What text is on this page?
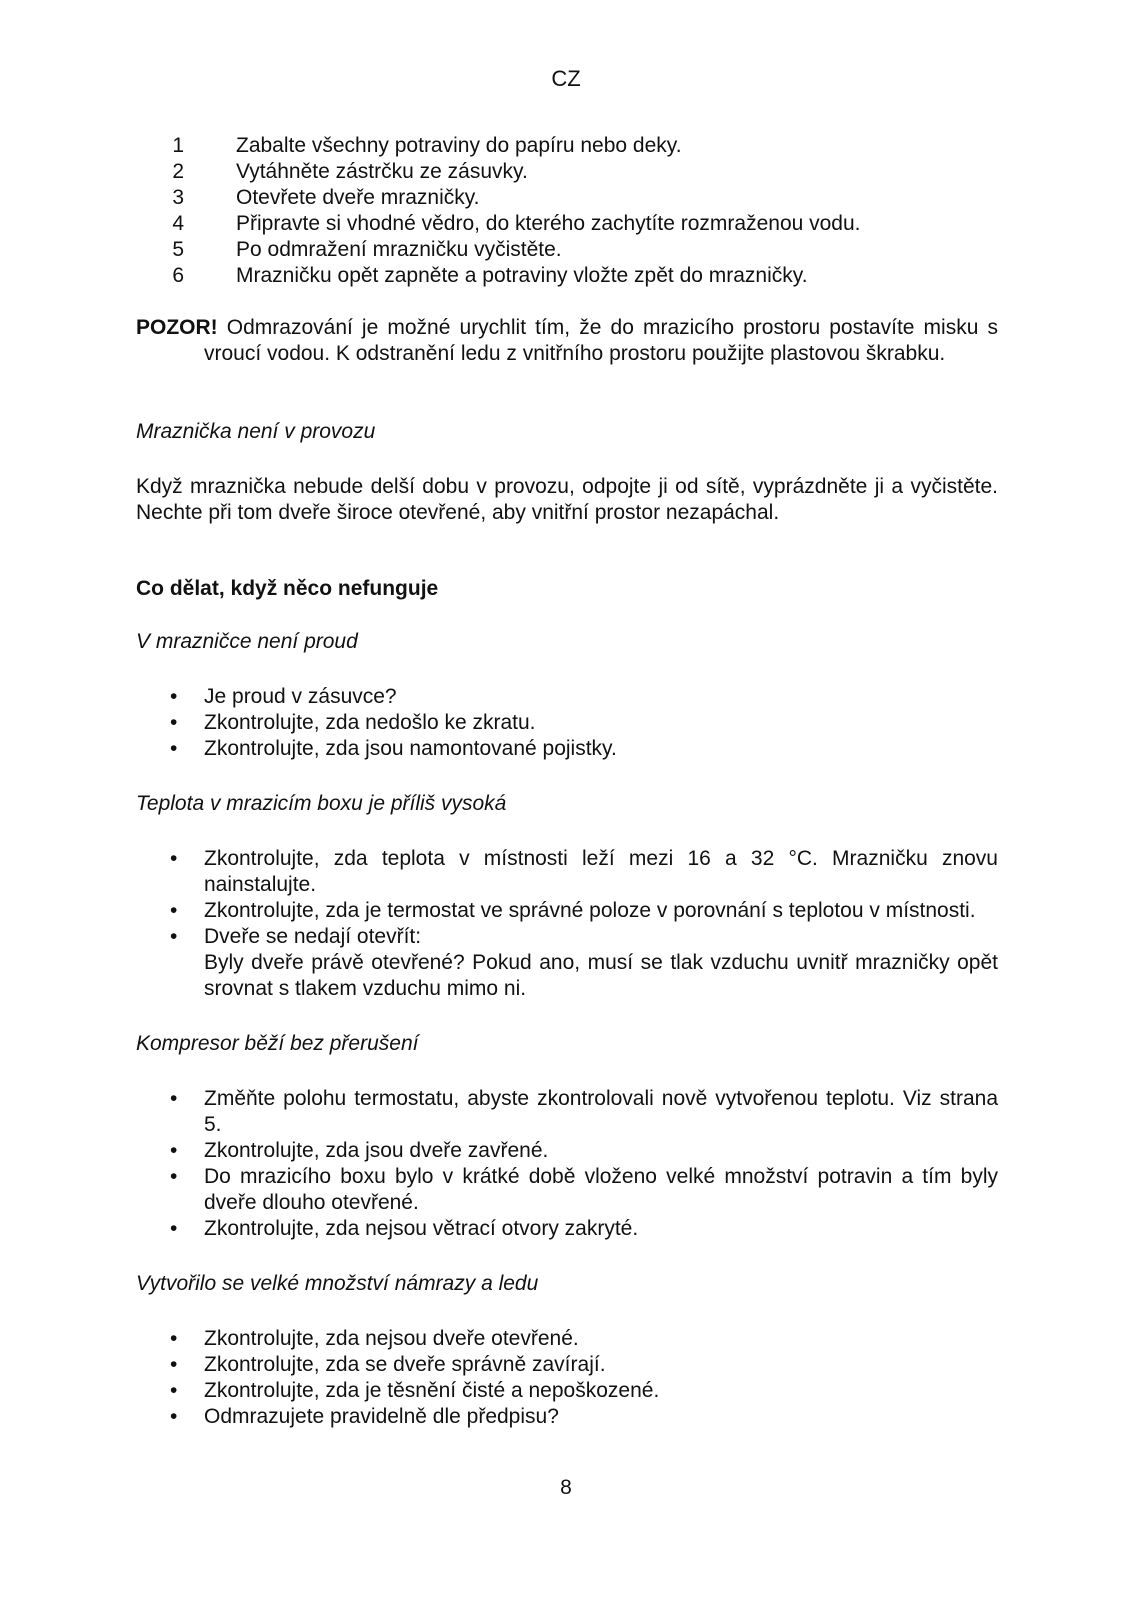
CZ
1 Zabalte všechny potraviny do papíru nebo deky.
2 Vytáhněte zástrčku ze zásuvky.
3 Otevřete dveře mrazničky.
4 Připravte si vhodné vědro, do kterého zachytíte rozmraženou vodu.
5 Po odmražení mrazničku vyčistěte.
6 Mrazničku opět zapněte a potraviny vložte zpět do mrazničky.
POZOR! Odmrazování je možné urychlit tím, že do mrazicího prostoru postavíte misku s vroucí vodou. K odstranění ledu z vnitřního prostoru použijte plastovou škrabku.
Mraznička není v provozu
Když mraznička nebude delší dobu v provozu, odpojte ji od sítě, vyprázdněte ji a vyčistěte. Nechte při tom dveře široce otevřené, aby vnitřní prostor nezapáchal.
Co dělat, když něco nefunguje
V mrazničce není proud
• Je proud v zásuvce?
• Zkontrolujte, zda nedošlo ke zkratu.
• Zkontrolujte, zda jsou namontované pojistky.
Teplota v mrazicím boxu je příliš vysoká
• Zkontrolujte, zda teplota v místnosti leží mezi 16 a 32 °C. Mrazničku znovu nainstalujte.
• Zkontrolujte, zda je termostat ve správné poloze v porovnání s teplotou v místnosti.
• Dveře se nedají otevřít:
Byly dveře právě otevřené? Pokud ano, musí se tlak vzduchu uvnitř mrazničky opět srovnat s tlakem vzduchu mimo ni.
Kompresor běží bez přerušení
• Změňte polohu termostatu, abyste zkontrolovali nově vytvořenou teplotu. Viz strana 5.
• Zkontrolujte, zda jsou dveře zavřené.
• Do mrazicího boxu bylo v krátké době vloženo velké množství potravin a tím byly dveře dlouho otevřené.
• Zkontrolujte, zda nejsou větrací otvory zakryté.
Vytvořilo se velké množství námrazy a ledu
• Zkontrolujte, zda nejsou dveře otevřené.
• Zkontrolujte, zda se dveře správně zavírají.
• Zkontrolujte, zda je těsnění čisté a nepoškozené.
• Odmrazujete pravidelně dle předpisu?
8
